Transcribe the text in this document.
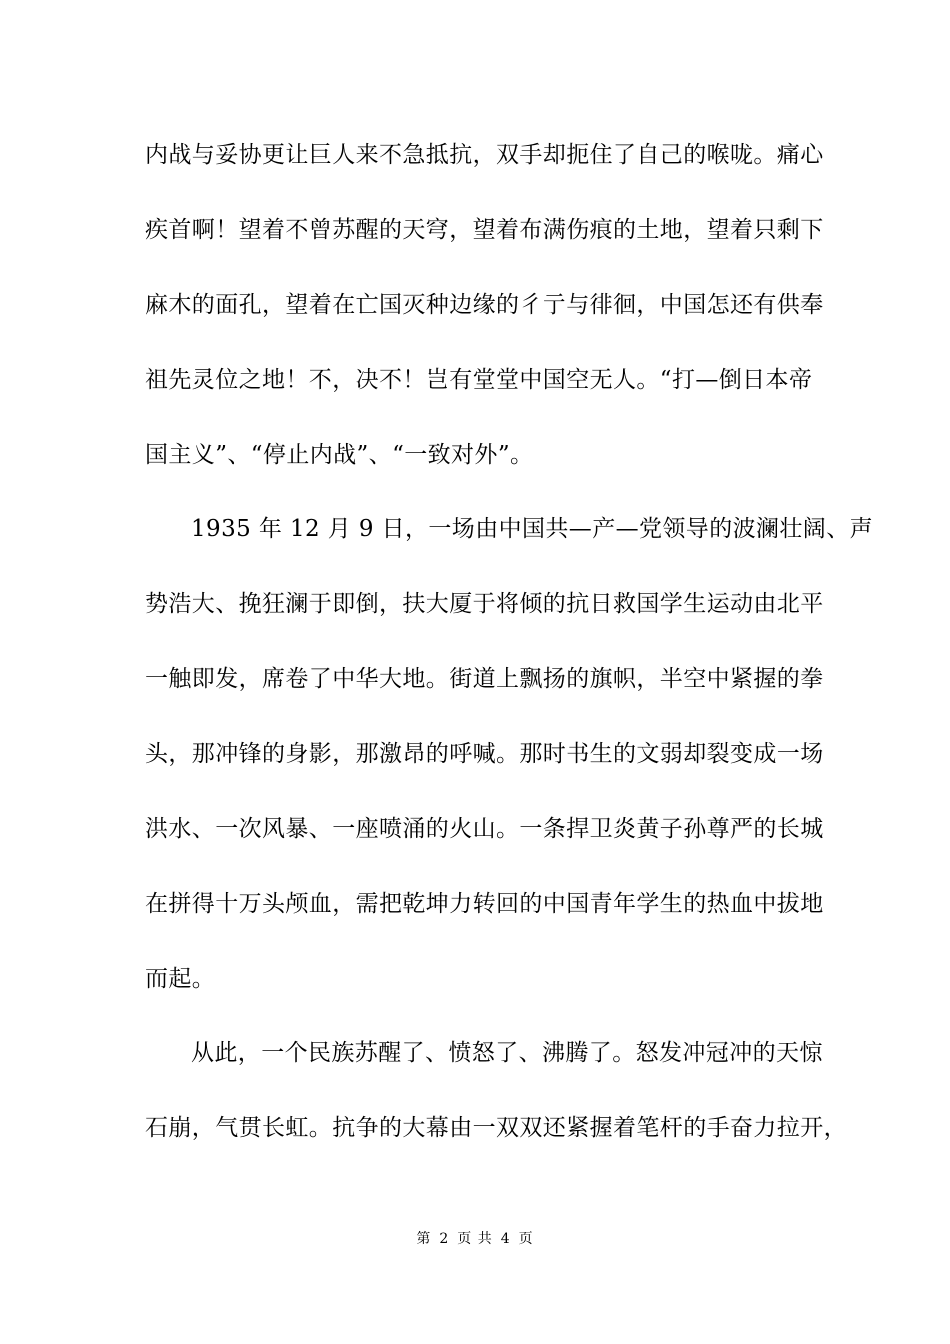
内战与妥协更让巨人来不急抵抗，双手却扼住了自己的喉咙。痛心
疾首啊！望着不曾苏醒的天穹，望着布满伤痕的土地，望着只剩下
麻木的面孔，望着在亡国灭种边缘的彳亍与徘徊，中国怎还有供奉
祖先灵位之地！不，决不！岂有堂堂中国空无人。“打—倒日本帝
国主义”、“停止内战”、“一致对外”。
1935 年 12 月 9 日，一场由中国共—产—党领导的波澜壮阔、声
势浩大、挽狂澜于即倒，扶大厦于将倾的抗日救国学生运动由北平
一触即发，席卷了中华大地。街道上飘扬的旗帜，半空中紧握的拳
头，那冲锋的身影，那激昂的呼喊。那时书生的文弱却裂变成一场
洪水、一次风暴、一座喷涌的火山。一条捍卫炎黄子孙尊严的长城
在拼得十万头颅血，需把乾坤力转回的中国青年学生的热血中拔地
而起。
从此，一个民族苏醒了、愤怒了、沸腾了。怒发冲冠冲的天惊
石崩，气贯长虹。抗争的大幕由一双双还紧握着笔杆的手奋力拉开，
第 2 页 共 4 页
